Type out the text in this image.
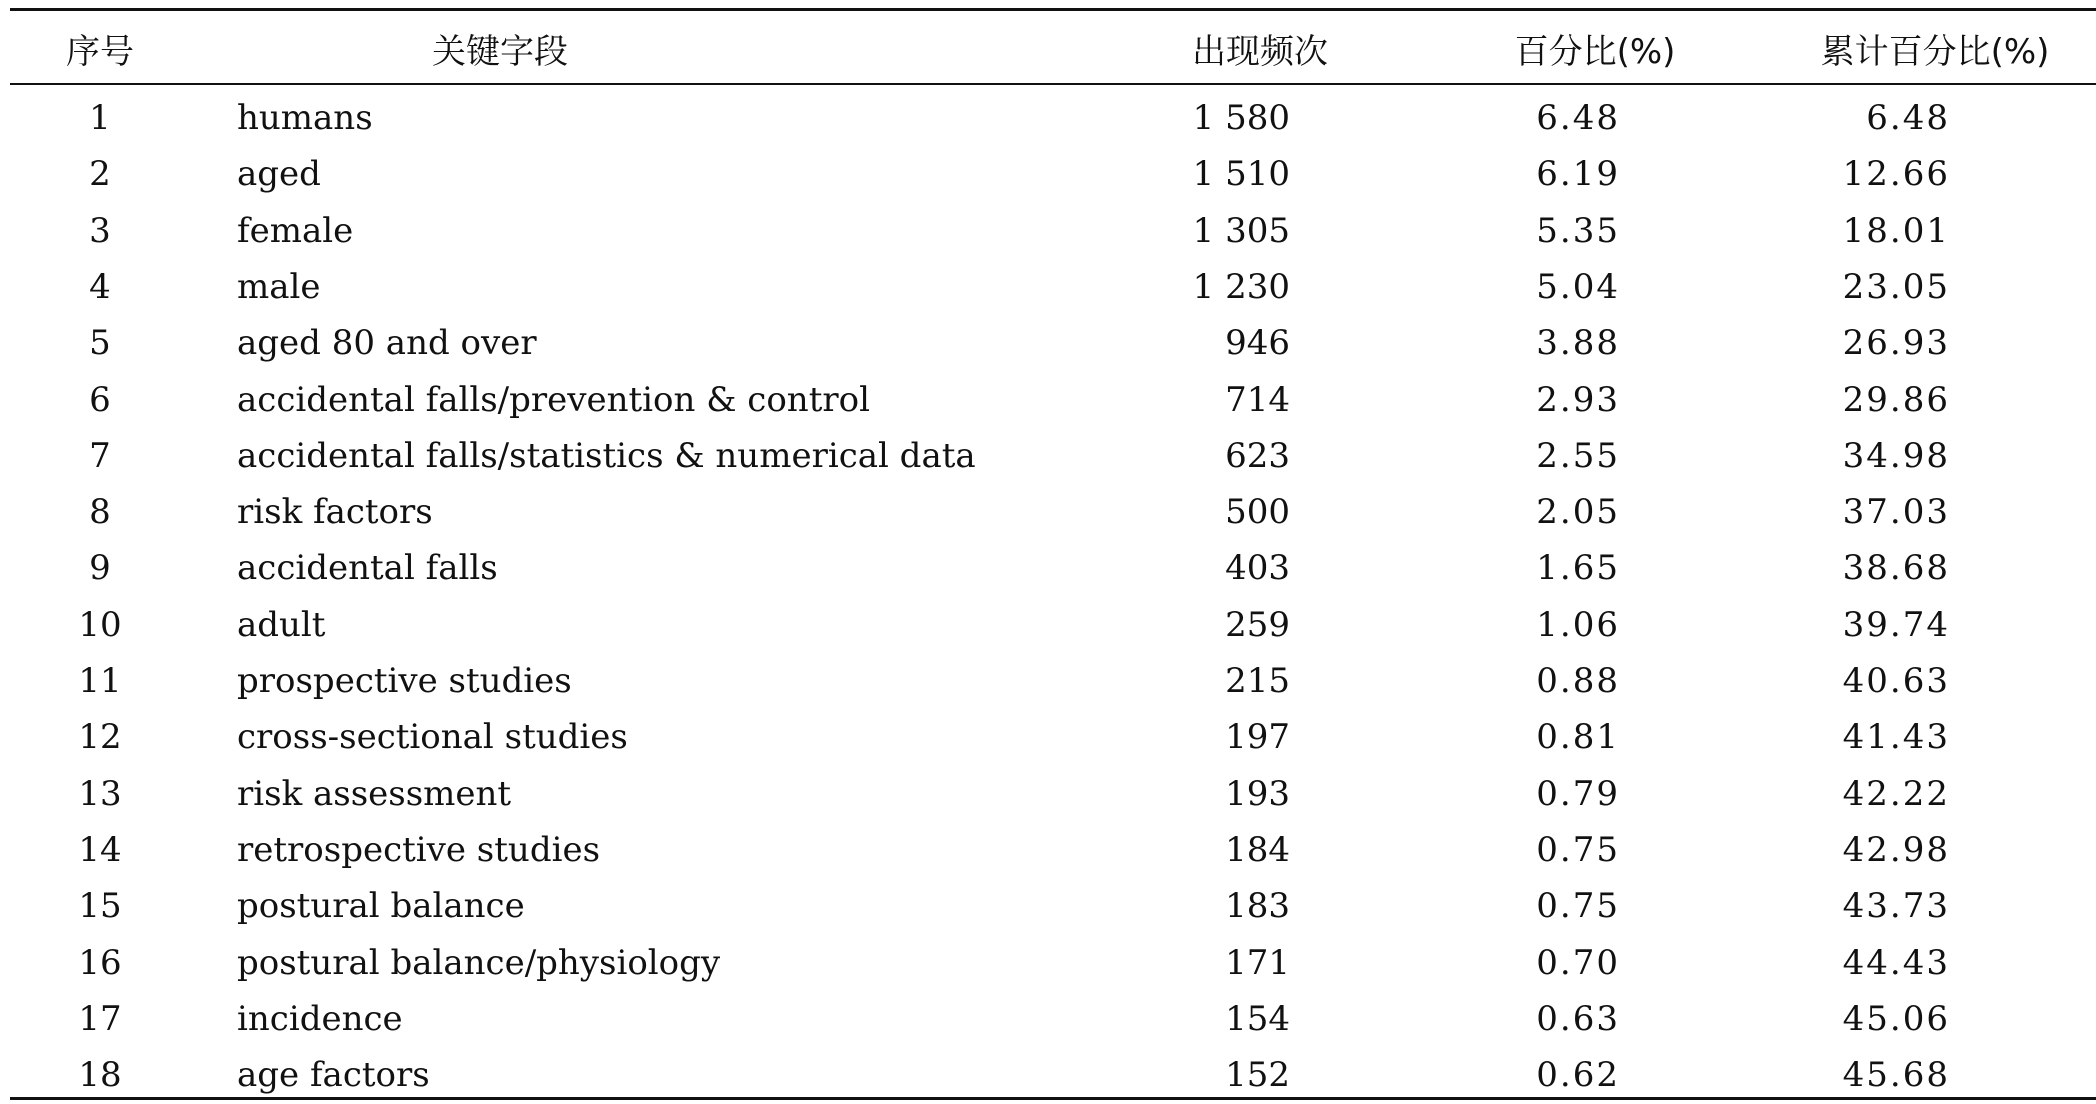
序号	关键字段	出现频次	百分比(%)	累计百分比(%)
1	humans	1 580	6.48	6.48
2	aged	1 510	6.19	12.66
3	female	1 305	5.35	18.01
4	male	1 230	5.04	23.05
5	aged 80 and over	946	3.88	26.93
6	accidental falls/prevention & control	714	2.93	29.86
7	accidental falls/statistics & numerical data	623	2.55	34.98
8	risk factors	500	2.05	37.03
9	accidental falls	403	1.65	38.68
10	adult	259	1.06	39.74
11	prospective studies	215	0.88	40.63
12	cross-sectional studies	197	0.81	41.43
13	risk assessment	193	0.79	42.22
14	retrospective studies	184	0.75	42.98
15	postural balance	183	0.75	43.73
16	postural balance/physiology	171	0.70	44.43
17	incidence	154	0.63	45.06
18	age factors	152	0.62	45.68
